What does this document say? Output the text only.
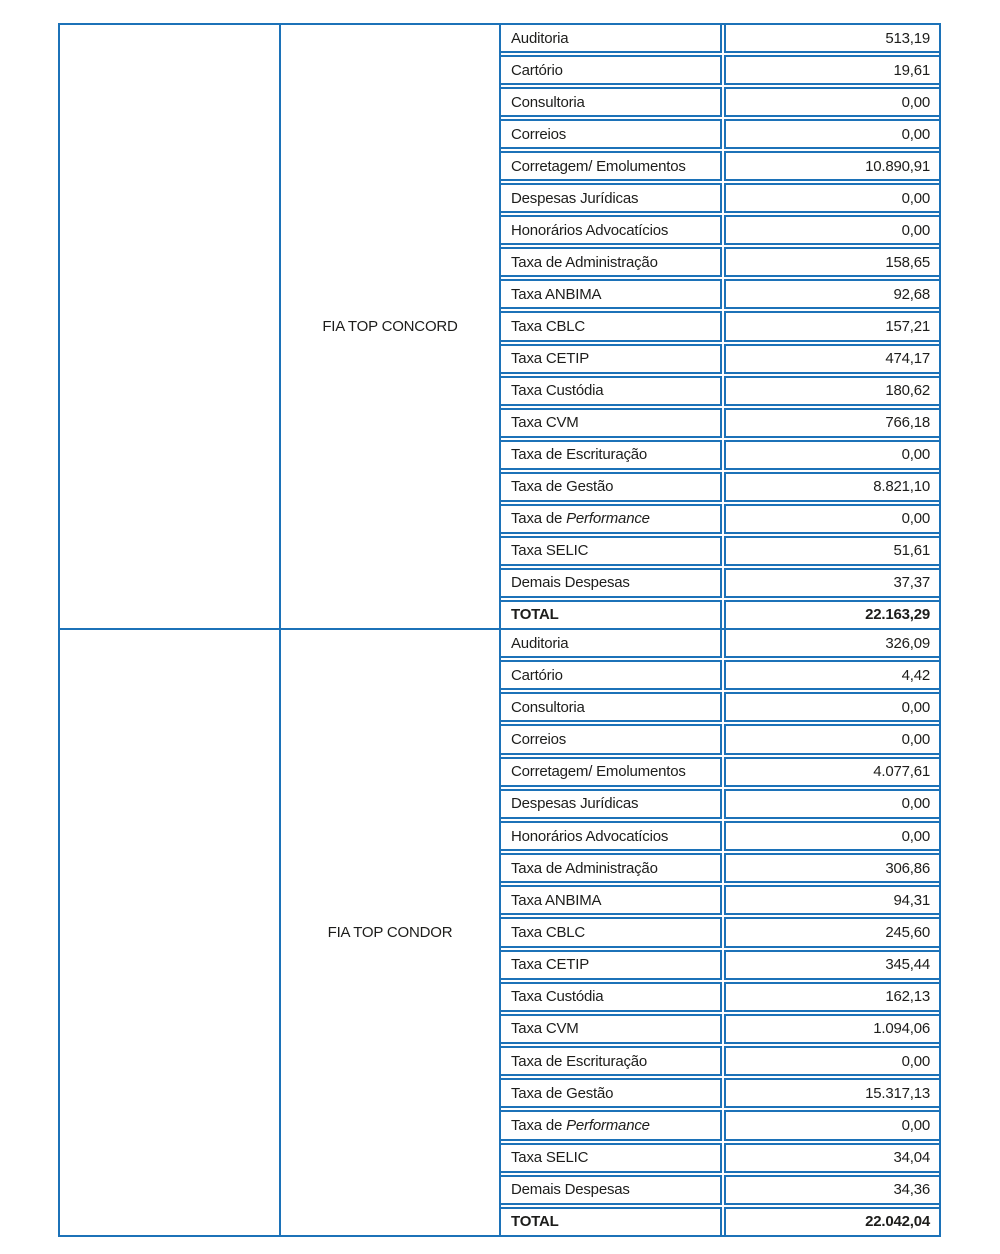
FIA TOP CONCORD
Auditoria	513,19
Cartório	19,61
Consultoria	0,00
Correios	0,00
Corretagem/ Emolumentos	10.890,91
Despesas Jurídicas	0,00
Honorários Advocatícios	0,00
Taxa de Administração	158,65
Taxa ANBIMA	92,68
Taxa CBLC	157,21
Taxa CETIP	474,17
Taxa Custódia	180,62
Taxa CVM	766,18
Taxa de Escrituração	0,00
Taxa de Gestão	8.821,10
Taxa de Performance	0,00
Taxa SELIC	51,61
Demais Despesas	37,37
TOTAL	22.163,29
FIA TOP CONDOR
Auditoria	326,09
Cartório	4,42
Consultoria	0,00
Correios	0,00
Corretagem/ Emolumentos	4.077,61
Despesas Jurídicas	0,00
Honorários Advocatícios	0,00
Taxa de Administração	306,86
Taxa ANBIMA	94,31
Taxa CBLC	245,60
Taxa CETIP	345,44
Taxa Custódia	162,13
Taxa CVM	1.094,06
Taxa de Escrituração	0,00
Taxa de Gestão	15.317,13
Taxa de Performance	0,00
Taxa SELIC	34,04
Demais Despesas	34,36
TOTAL	22.042,04
